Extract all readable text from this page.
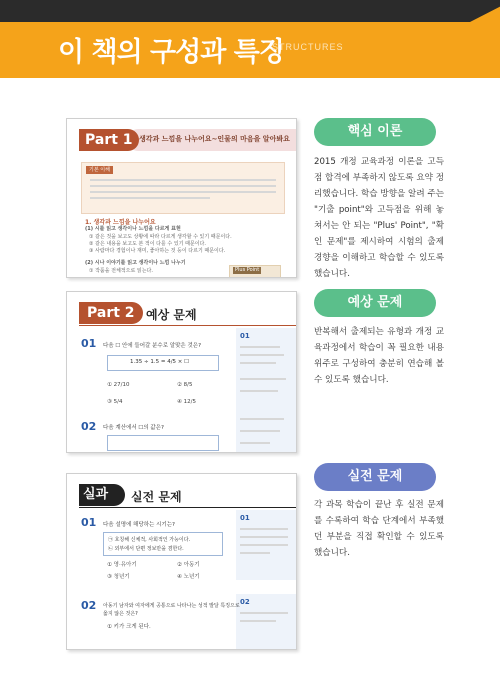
이 책의 구성과 특징
STRUCTURES
Part 1 생각과 느낌을 나누어요~인물의 마음을 알아봐요
기본 이해
1. 생각과 느낌을 나누어요
(1) 시를 읽고 생각이나 느낌을 다르게 표현
① 같은 것을 보고도 상황에 따라 다르게 생각할 수 있기 때문이다.
② 같은 내용을 보고도 본 적이 다를 수 있기 때문이다.
③ 사람마다 경험이나 재미, 좋아하는 것 등이 다르기 때문이다.
(2) 시나 이야기를 읽고 생각이나 느낌 나누기
① 작품을 전체적으로 읽는다.	Plus Point
Part 2 예상 문제
01
01 다음 ☐ 안에 들어갈 분수로 알맞은 것은?
1.35 ÷ 1.5 = 4/5 × ☐
① 27/10	② 8/5
③ 5/4	④ 12/5
02 다음 계산에서 ☐의 값은?
실과	실전 문제
01
02
01 다음 설명에 해당하는 시기는?
㉠ 호칭해 신체적, 사회적인 가능이다.
㉡ 외부에서 단편 정보만을 겸한다.
① 영·유아기	② 아동기
③ 청년기	④ 노년기
02 아동기 남자와 여자에게 공통으로 나타나는 성적 발달 특징으로
옳지 않은 것은?
① 키가 크게 된다.
핵심 이론
2015 개정 교육과정 이론을 고득점 합격에 부족하지 않도록 요약 정리했습니다. 학습 방향을 알려 주는 "기출 point"와 고득점을 위해 놓쳐서는 안 되는 "Plus' Point", "확인 문제"를 제시하여 시험의 출제 경향을 이해하고 학습할 수 있도록 했습니다.
예상 문제
반복해서 출제되는 유형과 개정 교육과정에서 학습이 꼭 필요한 내용 위주로 구성하여 충분히 연습해 볼 수 있도록 했습니다.
실전 문제
각 과목 학습이 끝난 후 실전 문제를 수록하여 학습 단계에서 부족했던 부분을 직접 확인할 수 있도록 했습니다.
